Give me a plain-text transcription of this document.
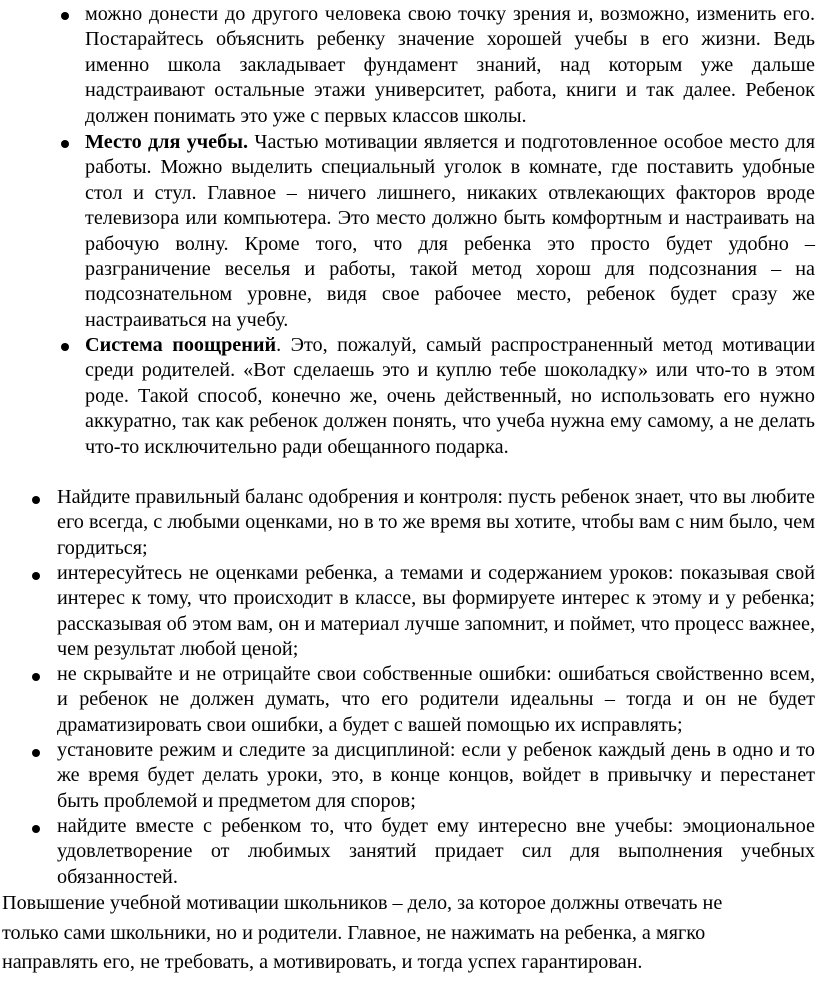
можно донести до другого человека свою точку зрения и, возможно, изменить его. Постарайтесь объяснить ребенку значение хорошей учебы в его жизни. Ведь именно школа закладывает фундамент знаний, над которым уже дальше надстраивают остальные этажи университет, работа, книги и так далее. Ребенок должен понимать это уже с первых классов школы.
Место для учебы. Частью мотивации является и подготовленное особое место для работы. Можно выделить специальный уголок в комнате, где поставить удобные стол и стул. Главное – ничего лишнего, никаких отвлекающих факторов вроде телевизора или компьютера. Это место должно быть комфортным и настраивать на рабочую волну. Кроме того, что для ребенка это просто будет удобно – разграничение веселья и работы, такой метод хорош для подсознания – на подсознательном уровне, видя свое рабочее место, ребенок будет сразу же настраиваться на учебу.
Система поощрений. Это, пожалуй, самый распространенный метод мотивации среди родителей. «Вот сделаешь это и куплю тебе шоколадку» или что-то в этом роде. Такой способ, конечно же, очень действенный, но использовать его нужно аккуратно, так как ребенок должен понять, что учеба нужна ему самому, а не делать что-то исключительно ради обещанного подарка.
Найдите правильный баланс одобрения и контроля: пусть ребенок знает, что вы любите его всегда, с любыми оценками, но в то же время вы хотите, чтобы вам с ним было, чем гордиться;
интересуйтесь не оценками ребенка, а темами и содержанием уроков: показывая свой интерес к тому, что происходит в классе, вы формируете интерес к этому и у ребенка; рассказывая об этом вам, он и материал лучше запомнит, и поймет, что процесс важнее, чем результат любой ценой;
не скрывайте и не отрицайте свои собственные ошибки: ошибаться свойственно всем, и ребенок не должен думать, что его родители идеальны – тогда и он не будет драматизировать свои ошибки, а будет с вашей помощью их исправлять;
установите режим и следите за дисциплиной: если у ребенок каждый день в одно и то же время будет делать уроки, это, в конце концов, войдет в привычку и перестанет быть проблемой и предметом для споров;
найдите вместе с ребенком то, что будет ему интересно вне учебы: эмоциональное удовлетворение от любимых занятий придает сил для выполнения учебных обязанностей.
Повышение учебной мотивации школьников – дело, за которое должны отвечать не
только сами школьники, но и родители. Главное, не нажимать на ребенка, а мягко
направлять его, не требовать, а мотивировать, и тогда успех гарантирован.
